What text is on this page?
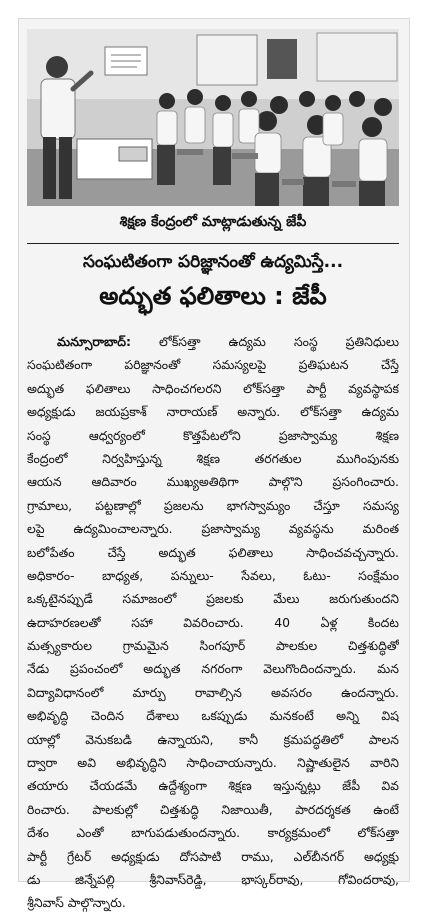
శిక్షణ కేంద్రంలో మాట్లాడుతున్న జేపీ
సంఘటితంగా పరిజ్ఞానంతో ఉద్యమిస్తే...
అద్భుత ఫలితాలు : జేపీ
మన్సూరాబాద్: లోక్‌సత్తా ఉద్యమ సంస్థ ప్రతినిధులు
సంఘటితంగా పరిజ్ఞానంతో సమస్యలపై ప్రతిఘటన చేస్తే
అద్భుత ఫలితాలు సాధించగలరని లోక్‌సత్తా పార్టీ వ్యవస్థాపక
అధ్యక్షుడు జయప్రకాశ్ నారాయణ్ అన్నారు. లోక్‌సత్తా ఉద్యమ
సంస్థ ఆధ్వర్యంలో కొత్తపేటలోని ప్రజాస్వామ్య శిక్షణ
కేంద్రంలో నిర్వహిస్తున్న శిక్షణ తరగతుల ముగింపునకు
ఆయన ఆదివారం ముఖ్యఅతిథిగా పాల్గొని ప్రసంగించారు.
గ్రామాలు, పట్టణాల్లో ప్రజలను భాగస్వామ్యం చేస్తూ సమస్య
లపై ఉద్యమించాలన్నారు. ప్రజాస్వామ్య వ్యవస్థను మరింత
బలోపేతం చేస్తే అద్భుత ఫలితాలు సాధించవచ్చన్నారు.
అధికారం- బాధ్యత, పన్నులు- సేవలు, ఓటు- సంక్షేమం
ఒక్కటైనప్పుడే సమాజంలో ప్రజలకు మేలు జరుగుతుందని
ఉదాహరణలతో సహా వివరించారు. 40 ఏళ్ల కిందట
మత్స్యకారుల గ్రామమైన సింగపూర్ పాలకుల చిత్తశుద్ధితో
నేడు ప్రపంచంలో అద్భుత నగరంగా వెలుగొందిందన్నారు. మన
విద్యావిధానంలో మార్పు రావాల్సిన అవసరం ఉందన్నారు.
అభివృద్ధి చెందిన దేశాలు ఒకప్పుడు మనకంటే అన్ని విష
యాల్లో వెనుకబడి ఉన్నాయని, కానీ క్రమపద్ధతిలో పాలన
ద్వారా అవి అభివృద్ధిని సాధించాయన్నారు. నిష్ణాతులైన వారిని
తయారు చేయడమే ఉద్దేశ్యంగా శిక్షణ ఇస్తున్నట్లు జేపీ వివ
రించారు. పాలకుల్లో చిత్తశుద్ధి నిజాయితీ, పారదర్శకత ఉంటే
దేశం ఎంతో బాగుపడుతుందన్నారు. కార్యక్రమంలో లోక్‌సత్తా
పార్టీ గ్రేటర్ అధ్యక్షుడు దోసపాటి రాము, ఎల్‌బీనగర్ అధ్యక్షు
డు జిన్నేపల్లి శ్రీనివాస్‌రెడ్డి, భాస్కర్‌రావు, గోవిందరావు,
శ్రీనివాస్ పాల్గొన్నారు.
